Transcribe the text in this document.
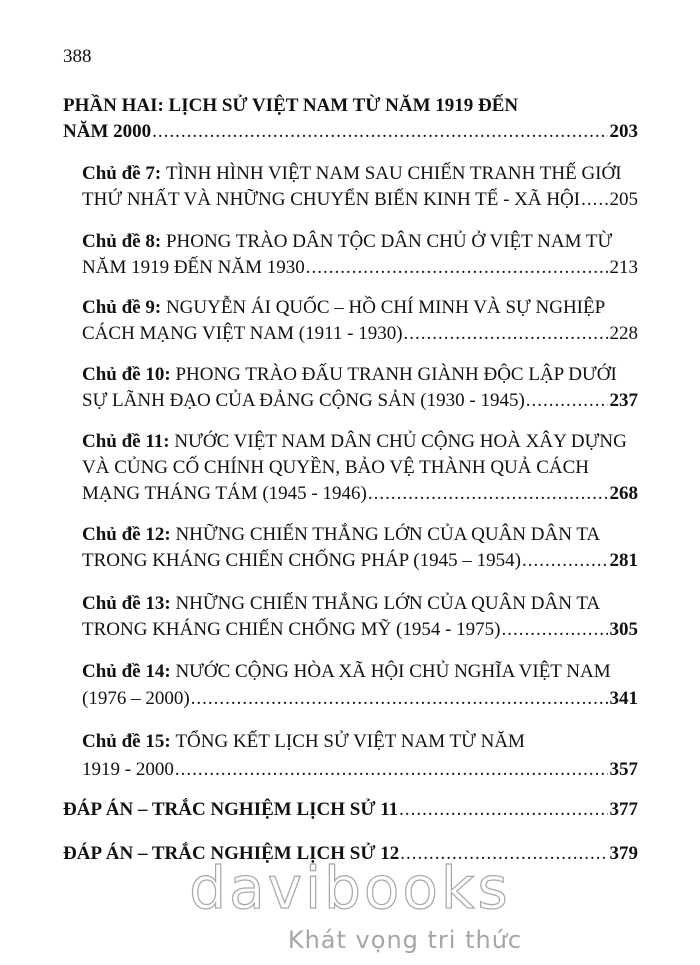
388
PHẦN HAI: LỊCH SỬ VIỆT NAM TỪ NĂM 1919 ĐẾN
NĂM 2000 .....	203
Chủ đề 7:
TÌNH HÌNH VIỆT NAM SAU CHIẾN TRANH THẾ GIỚI
THỨ NHẤT VÀ NHỮNG CHUYỂN BIẾN KINH TẾ - XÃ HỘI ..... 205
Chủ đề 8:
PHONG TRÀO DÂN TỘC DÂN CHỦ Ở VIỆT NAM TỪ
NĂM 1919 ĐẾN NĂM 1930 .....	213
Chủ đề 9:
NGUYỄN ÁI QUỐC – HỒ CHÍ MINH VÀ SỰ NGHIỆP
CÁCH MẠNG VIỆT NAM (1911 - 1930) .....	228
Chủ đề 10:
PHONG TRÀO ĐẤU TRANH GIÀNH ĐỘC LẬP DƯỚI
SỰ LÃNH ĐẠO CỦA ĐẢNG CỘNG SẢN (1930 - 1945) .....	237
Chủ đề 11:
NƯỚC VIỆT NAM DÂN CHỦ CỘNG HOÀ XÂY DỰNG
VÀ CỦNG CỐ CHÍNH QUYỀN, BẢO VỆ THÀNH QUẢ CÁCH
MẠNG THÁNG TÁM (1945 - 1946) .....	268
Chủ đề 12:
NHỮNG CHIẾN THẮNG LỚN CỦA QUÂN DÂN TA
TRONG KHÁNG CHIẾN CHỐNG PHÁP (1945 – 1954) .....	281
Chủ đề 13:
NHỮNG CHIẾN THẮNG LỚN CỦA QUÂN DÂN TA
TRONG KHÁNG CHIẾN CHỐNG MỸ (1954 - 1975) .....	305
Chủ đề 14:
NƯỚC CỘNG HÒA XÃ HỘI CHỦ NGHĨA VIỆT NAM
(1976 – 2000) .....	341
Chủ đề 15:
TỔNG KẾT LỊCH SỬ VIỆT NAM TỪ NĂM
1919 - 2000 .....	357
ĐÁP ÁN – TRẮC NGHIỆM LỊCH SỬ 11 .....	377
ĐÁP ÁN – TRẮC NGHIỆM LỊCH SỬ 12 .....	379
davibooks
Khát vọng tri thức
